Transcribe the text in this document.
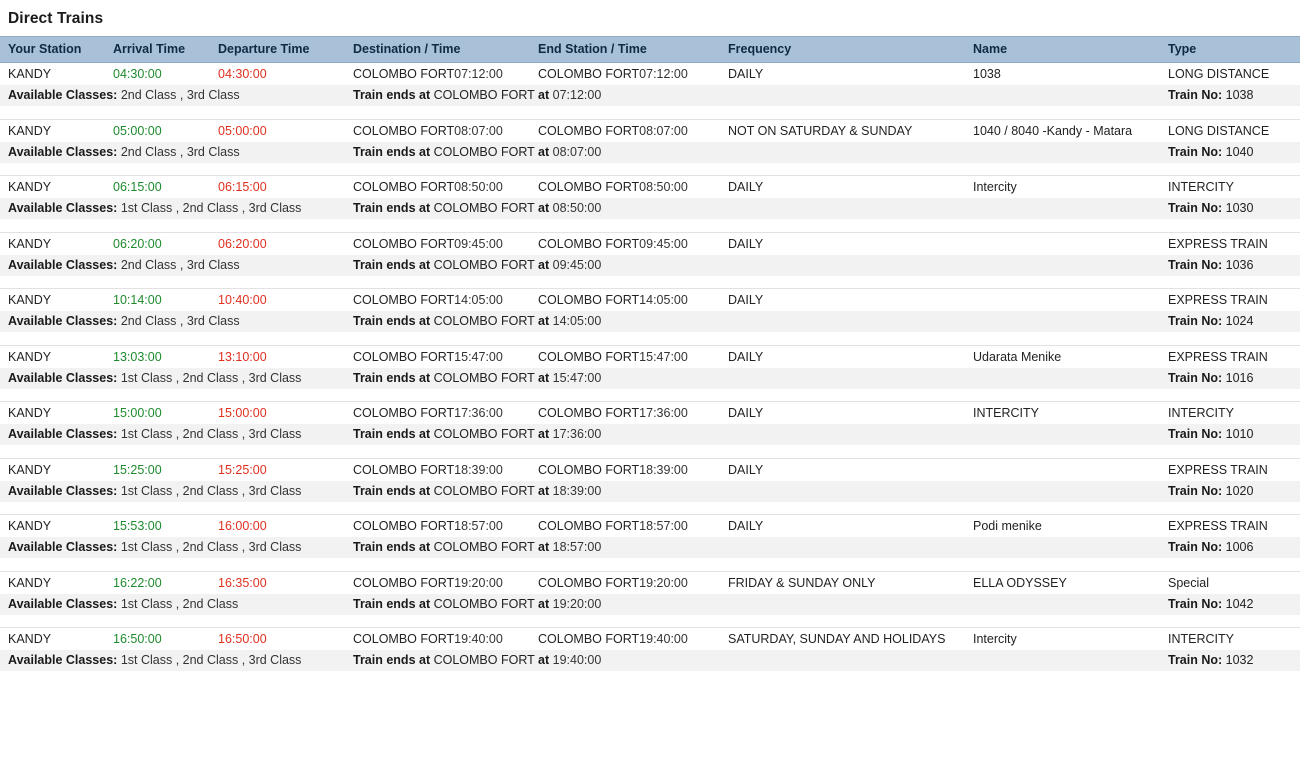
Direct Trains
Your Station	Arrival Time	Departure Time	Destination / Time	End Station / Time	Frequency	Name	Type
KANDY	04:30:00	04:30:00	COLOMBO FORT07:12:00	COLOMBO FORT07:12:00	DAILY	1038	LONG DISTANCE
Available Classes: 2nd Class , 3rd Class			Train ends at COLOMBO FORT at 07:12:00				Train No: 1038

KANDY	05:00:00	05:00:00	COLOMBO FORT08:07:00	COLOMBO FORT08:07:00	NOT ON SATURDAY & SUNDAY	1040 / 8040 -Kandy - Matara	LONG DISTANCE
Available Classes: 2nd Class , 3rd Class			Train ends at COLOMBO FORT at 08:07:00				Train No: 1040

KANDY	06:15:00	06:15:00	COLOMBO FORT08:50:00	COLOMBO FORT08:50:00	DAILY	Intercity	INTERCITY
Available Classes: 1st Class , 2nd Class , 3rd Class			Train ends at COLOMBO FORT at 08:50:00				Train No: 1030

KANDY	06:20:00	06:20:00	COLOMBO FORT09:45:00	COLOMBO FORT09:45:00	DAILY		EXPRESS TRAIN
Available Classes: 2nd Class , 3rd Class			Train ends at COLOMBO FORT at 09:45:00				Train No: 1036

KANDY	10:14:00	10:40:00	COLOMBO FORT14:05:00	COLOMBO FORT14:05:00	DAILY		EXPRESS TRAIN
Available Classes: 2nd Class , 3rd Class			Train ends at COLOMBO FORT at 14:05:00				Train No: 1024

KANDY	13:03:00	13:10:00	COLOMBO FORT15:47:00	COLOMBO FORT15:47:00	DAILY	Udarata Menike	EXPRESS TRAIN
Available Classes: 1st Class , 2nd Class , 3rd Class			Train ends at COLOMBO FORT at 15:47:00				Train No: 1016

KANDY	15:00:00	15:00:00	COLOMBO FORT17:36:00	COLOMBO FORT17:36:00	DAILY	INTERCITY	INTERCITY
Available Classes: 1st Class , 2nd Class , 3rd Class			Train ends at COLOMBO FORT at 17:36:00				Train No: 1010

KANDY	15:25:00	15:25:00	COLOMBO FORT18:39:00	COLOMBO FORT18:39:00	DAILY		EXPRESS TRAIN
Available Classes: 1st Class , 2nd Class , 3rd Class			Train ends at COLOMBO FORT at 18:39:00				Train No: 1020

KANDY	15:53:00	16:00:00	COLOMBO FORT18:57:00	COLOMBO FORT18:57:00	DAILY	Podi menike	EXPRESS TRAIN
Available Classes: 1st Class , 2nd Class , 3rd Class			Train ends at COLOMBO FORT at 18:57:00				Train No: 1006

KANDY	16:22:00	16:35:00	COLOMBO FORT19:20:00	COLOMBO FORT19:20:00	FRIDAY & SUNDAY ONLY	ELLA ODYSSEY	Special
Available Classes: 1st Class , 2nd Class			Train ends at COLOMBO FORT at 19:20:00				Train No: 1042

KANDY	16:50:00	16:50:00	COLOMBO FORT19:40:00	COLOMBO FORT19:40:00	SATURDAY, SUNDAY AND HOLIDAYS	Intercity	INTERCITY
Available Classes: 1st Class , 2nd Class , 3rd Class			Train ends at COLOMBO FORT at 19:40:00				Train No: 1032
